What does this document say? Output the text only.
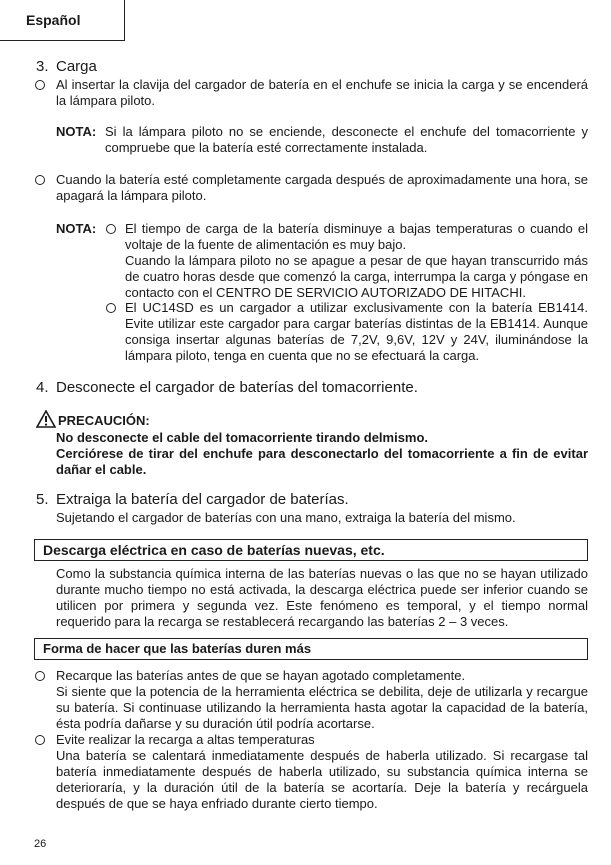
Español
3. Carga
Al insertar la clavija del cargador de batería en el enchufe se inicia la carga y se encenderá la lámpara piloto.
NOTA: Si la lámpara piloto no se enciende, desconecte el enchufe del tomacorriente y compruebe que la batería esté correctamente instalada.
Cuando la batería esté completamente cargada después de aproximadamente una hora, se apagará la lámpara piloto.
NOTA: El tiempo de carga de la batería disminuye a bajas temperaturas o cuando el voltaje de la fuente de alimentación es muy bajo.
Cuando la lámpara piloto no se apague a pesar de que hayan transcurrido más de cuatro horas desde que comenzó la carga, interrumpa la carga y póngase en contacto con el CENTRO DE SERVICIO AUTORIZADO DE HITACHI.
El UC14SD es un cargador a utilizar exclusivamente con la batería EB1414. Evite utilizar este cargador para cargar baterías distintas de la EB1414. Aunque consiga insertar algunas baterías de 7,2V, 9,6V, 12V y 24V, iluminándose la lámpara piloto, tenga en cuenta que no se efectuará la carga.
4. Desconecte el cargador de baterías del tomacorriente.
PRECAUCIÓN:
No desconecte el cable del tomacorriente tirando delmismo.
Cerciórese de tirar del enchufe para desconectarlo del tomacorriente a fin de evitar dañar el cable.
5. Extraiga la batería del cargador de baterías.
Sujetando el cargador de baterías con una mano, extraiga la batería del mismo.
Descarga eléctrica en caso de baterías nuevas, etc.
Como la substancia química interna de las baterías nuevas o las que no se hayan utilizado durante mucho tiempo no está activada, la descarga eléctrica puede ser inferior cuando se utilicen por primera y segunda vez. Este fenómeno es temporal, y el tiempo normal requerido para la recarga se restablecerá recargando las baterías 2 – 3 veces.
Forma de hacer que las baterías duren más
Recarque las baterías antes de que se hayan agotado completamente.
Si siente que la potencia de la herramienta eléctrica se debilita, deje de utilizarla y recargue su batería. Si continuase utilizando la herramienta hasta agotar la capacidad de la batería, ésta podría dañarse y su duración útil podría acortarse.
Evite realizar la recarga a altas temperaturas
Una batería se calentará inmediatamente después de haberla utilizado. Si recargase tal batería inmediatamente después de haberla utilizado, su substancia química interna se deterioraría, y la duración útil de la batería se acortaría. Deje la batería y recárguela después de que se haya enfriado durante cierto tiempo.
26
